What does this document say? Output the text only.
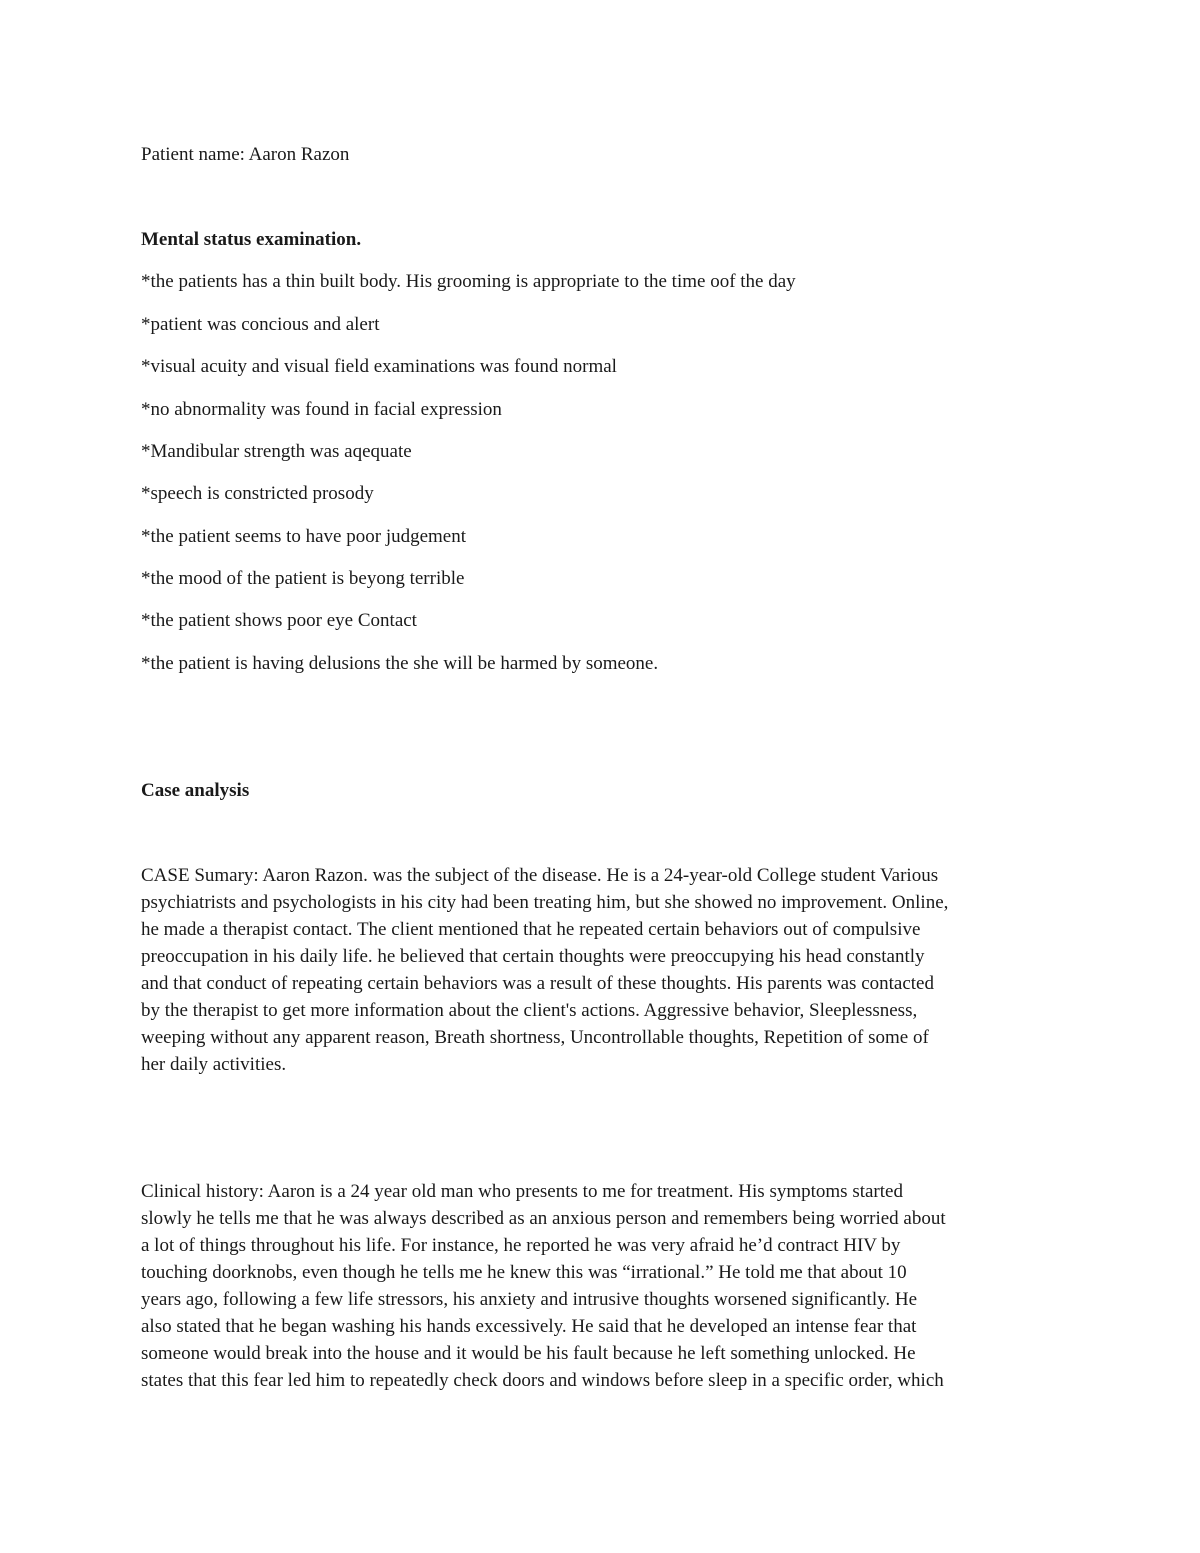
Patient name: Aaron Razon
Mental status examination.
*the patients has a thin built body. His grooming is appropriate to the time oof the day
*patient was concious and alert
*visual acuity and visual field examinations was found normal
*no abnormality was found in facial expression
*Mandibular strength was aqequate
*speech is constricted prosody
*the patient seems to have poor judgement
*the mood of the patient is beyong terrible
*the patient shows poor eye Contact
*the patient is having delusions the she will be harmed by someone.
Case analysis
CASE Sumary: Aaron Razon. was the subject of the disease. He is a 24-year-old College student Various
psychiatrists and psychologists in his city had been treating him, but she showed no improvement. Online,
he made a therapist contact. The client mentioned that he repeated certain behaviors out of compulsive
preoccupation in his daily life. he believed that certain thoughts were preoccupying his head constantly
and that conduct of repeating certain behaviors was a result of these thoughts. His parents was contacted
by the therapist to get more information about the client's actions. Aggressive behavior, Sleeplessness,
weeping without any apparent reason, Breath shortness, Uncontrollable thoughts, Repetition of some of
her daily activities.
Clinical history: Aaron is a 24 year old man who presents to me for treatment. His symptoms started
slowly he tells me that he was always described as an anxious person and remembers being worried about
a lot of things throughout his life. For instance, he reported he was very afraid he’d contract HIV by
touching doorknobs, even though he tells me he knew this was “irrational.” He told me that about 10
years ago, following a few life stressors, his anxiety and intrusive thoughts worsened significantly. He
also stated that he began washing his hands excessively. He said that he developed an intense fear that
someone would break into the house and it would be his fault because he left something unlocked. He
states that this fear led him to repeatedly check doors and windows before sleep in a specific order, which
